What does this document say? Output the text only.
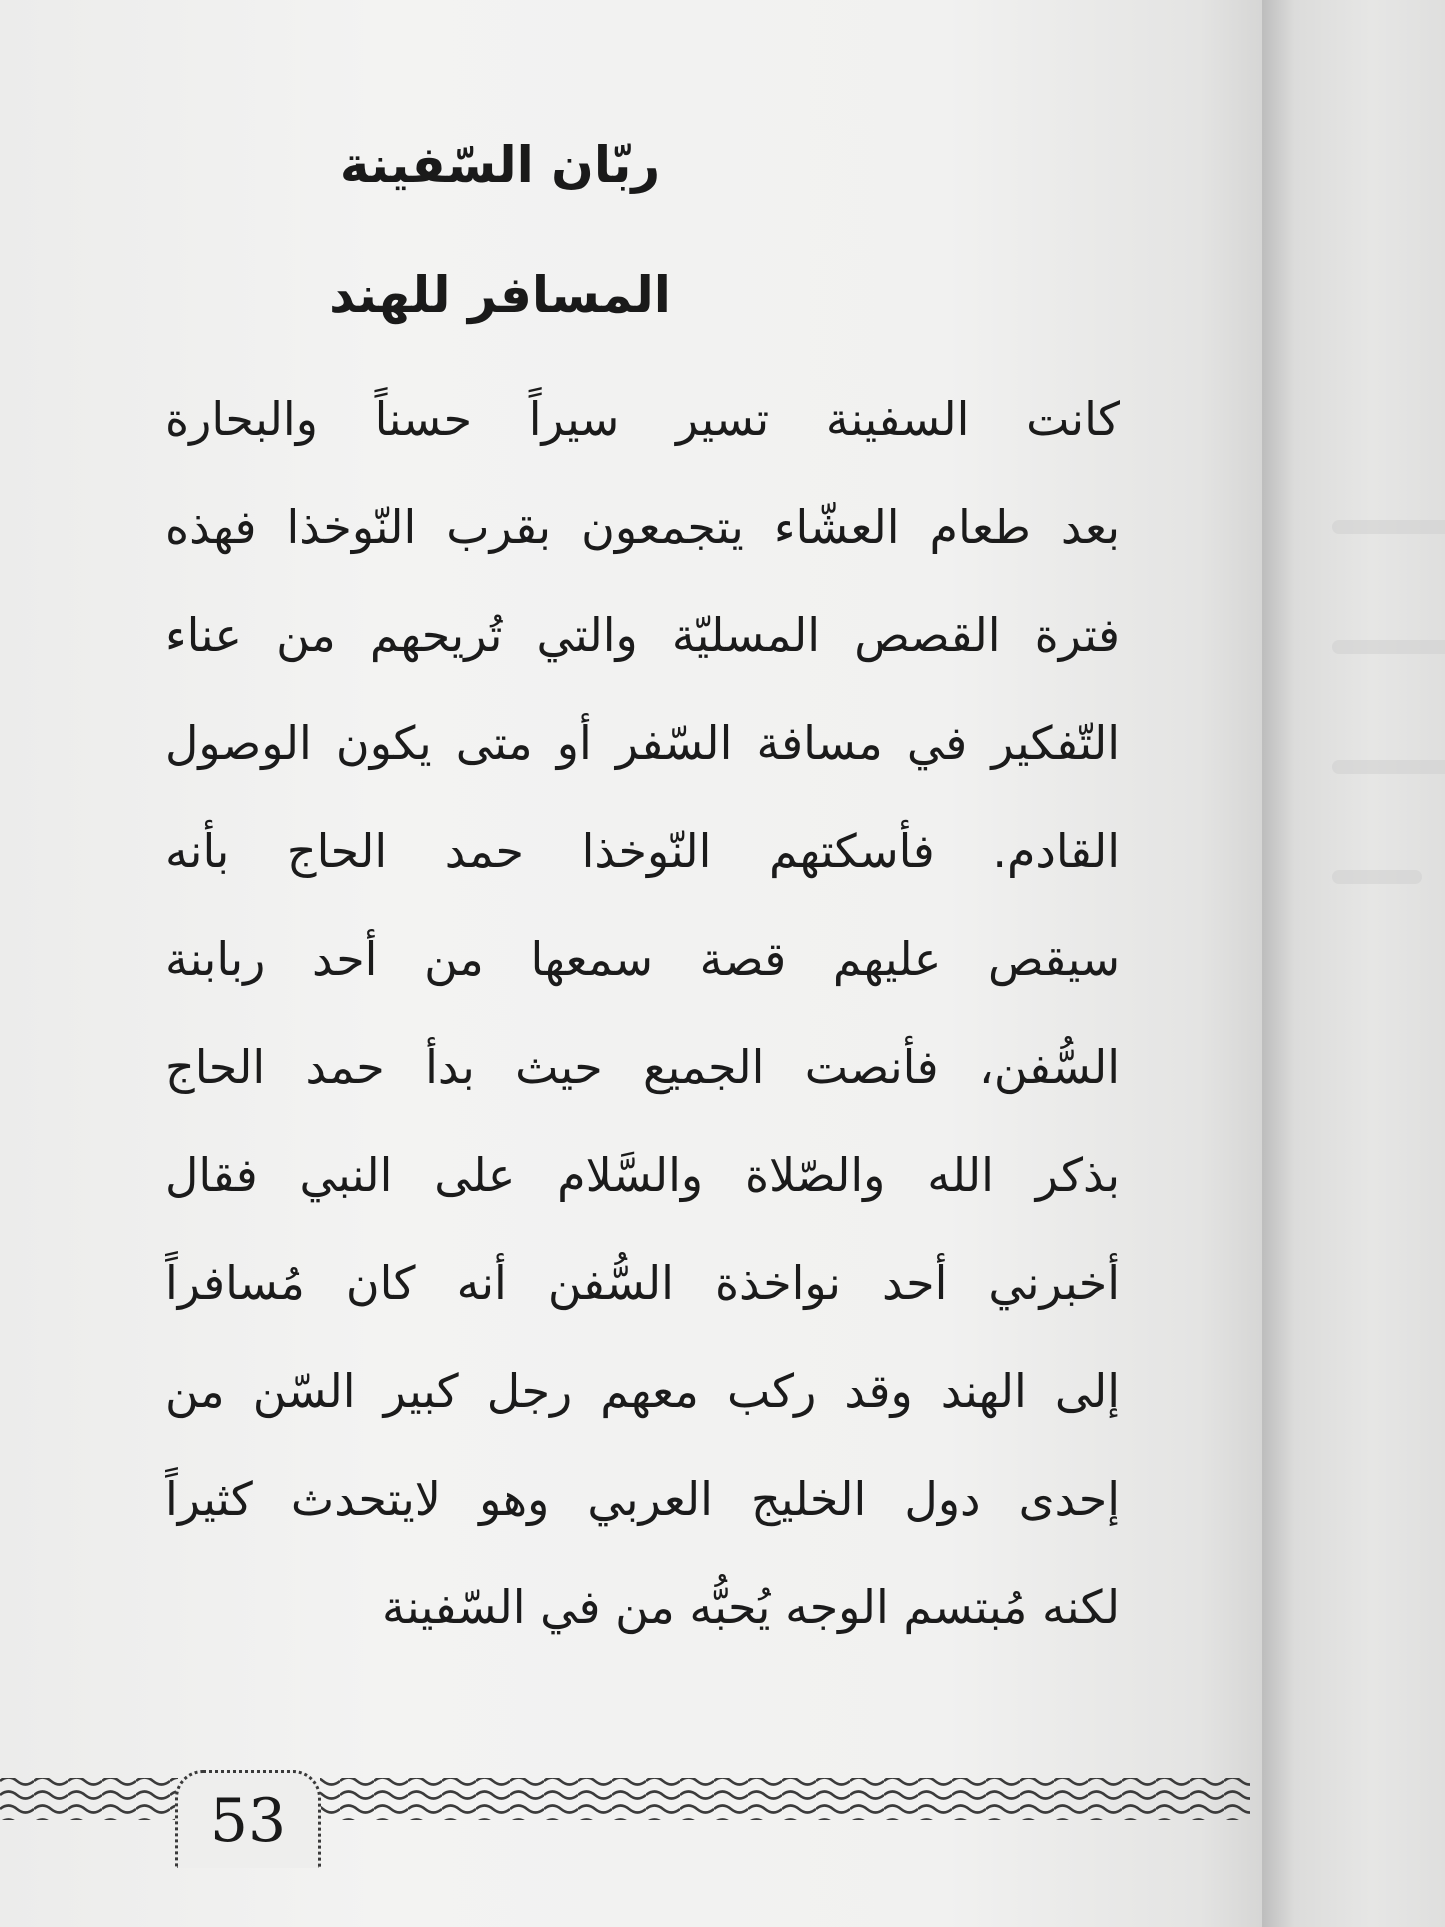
ربّان السّفينة
المسافر للهند
كانت السفينة تسير سيراً حسناً والبحارة
بعد طعام العشّاء يتجمعون بقرب النّوخذا فهذه
فترة القصص المسليّة والتي تُريحهم من عناء
التّفكير في مسافة السّفر أو متى يكون الوصول
القادم. فأسكتهم النّوخذا حمد الحاج بأنه
سيقص عليهم قصة سمعها من أحد ربابنة
السُّفن، فأنصت الجميع حيث بدأ حمد الحاج
بذكر الله والصّلاة والسَّلام على النبي فقال
أخبرني أحد نواخذة السُّفن أنه كان مُسافراً
إلى الهند وقد ركب معهم رجل كبير السّن من
إحدى دول الخليج العربي وهو لايتحدث كثيراً
لكنه مُبتسم الوجه يُحبُّه من في السّفينة
53
